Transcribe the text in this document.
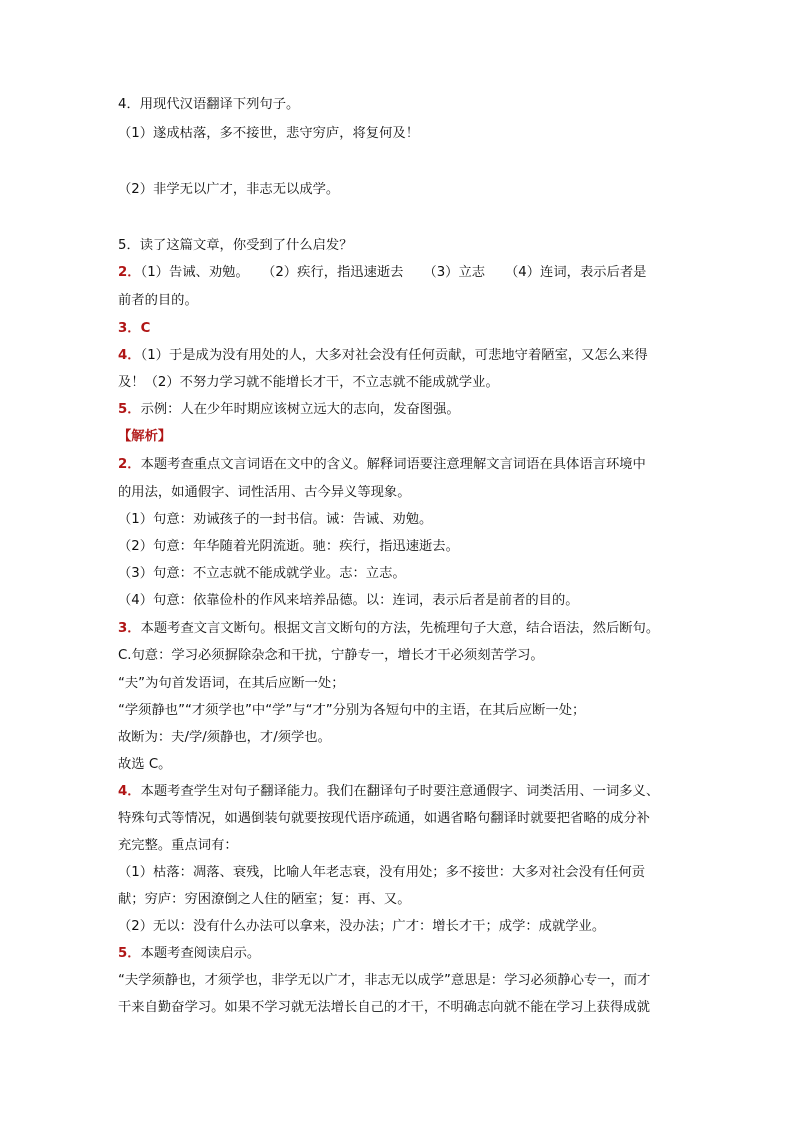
4．用现代汉语翻译下列句子。
（1）遂成枯落，多不接世，悲守穷庐，将复何及！
（2）非学无以广才，非志无以成学。
5．读了这篇文章，你受到了什么启发？
2．（1）告诫、劝勉。　　（2）疾行，指迅速逝去　　（3）立志　　（4）连词，表示后者是
前者的目的。
3．C
4．（1）于是成为没有用处的人，大多对社会没有任何贡献，可悲地守着陋室，又怎么来得
及！（2）不努力学习就不能增长才干，不立志就不能成就学业。
5．示例：人在少年时期应该树立远大的志向，发奋图强。
【解析】
2．本题考查重点文言词语在文中的含义。解释词语要注意理解文言词语在具体语言环境中
的用法，如通假字、词性活用、古今异义等现象。
（1）句意：劝诫孩子的一封书信。诫：告诫、劝勉。
（2）句意：年华随着光阴流逝。驰：疾行，指迅速逝去。
（3）句意：不立志就不能成就学业。志：立志。
（4）句意：依靠俭朴的作风来培养品德。以：连词，表示后者是前者的目的。
3．本题考查文言文断句。根据文言文断句的方法，先梳理句子大意，结合语法，然后断句。
C.句意：学习必须摒除杂念和干扰，宁静专一，增长才干必须刻苦学习。
“夫”为句首发语词，在其后应断一处；
“学须静也”“才须学也”中“学”与“才”分别为各短句中的主语，在其后应断一处；
故断为：夫/学/须静也，才/须学也。
故选 C。
4．本题考查学生对句子翻译能力。我们在翻译句子时要注意通假字、词类活用、一词多义、
特殊句式等情况，如遇倒装句就要按现代语序疏通，如遇省略句翻译时就要把省略的成分补
充完整。重点词有：
（1）枯落：凋落、衰残，比喻人年老志衰，没有用处；多不接世：大多对社会没有任何贡
献；穷庐：穷困潦倒之人住的陋室；复：再、又。
（2）无以：没有什么办法可以拿来，没办法；广才：增长才干；成学：成就学业。
5．本题考查阅读启示。
“夫学须静也，才须学也，非学无以广才，非志无以成学”意思是：学习必须静心专一，而才
干来自勤奋学习。如果不学习就无法增长自己的才干，不明确志向就不能在学习上获得成就
